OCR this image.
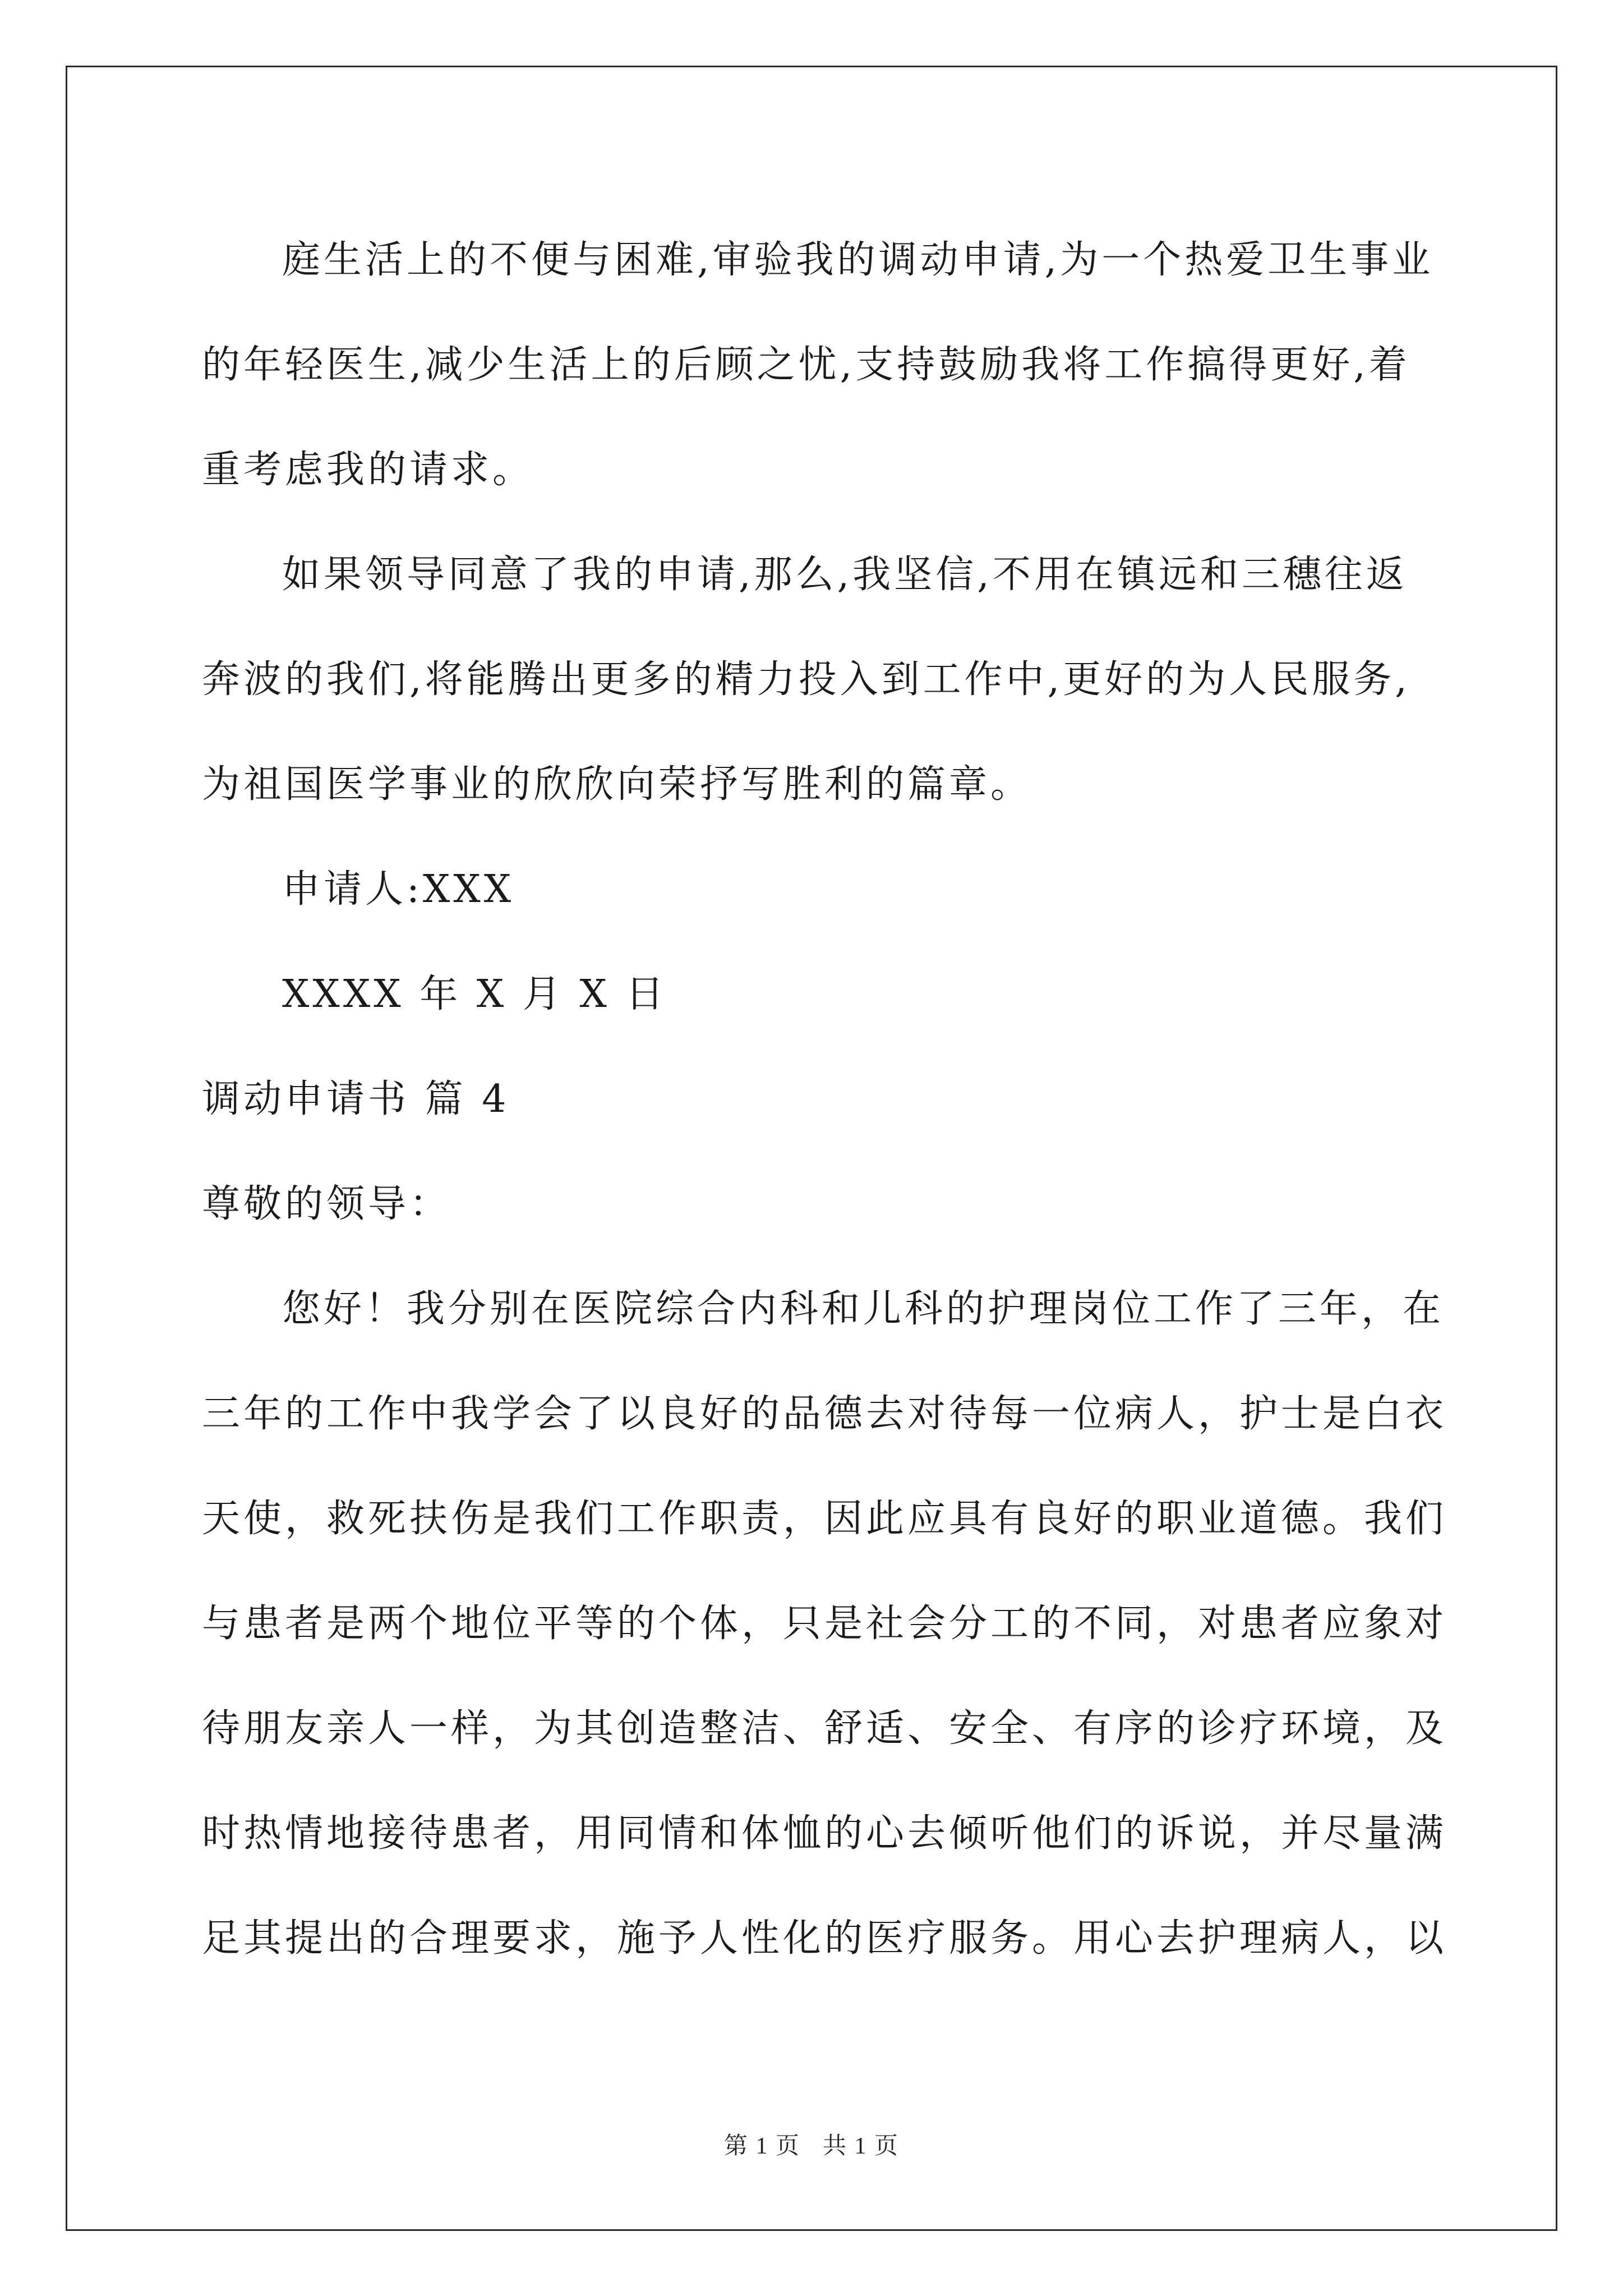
庭生活上的不便与困难,审验我的调动申请,为一个热爱卫生事业
的年轻医生,减少生活上的后顾之忧,支持鼓励我将工作搞得更好,着
重考虑我的请求。
如果领导同意了我的申请,那么,我坚信,不用在镇远和三穗往返
奔波的我们,将能腾出更多的精力投入到工作中,更好的为人民服务,
为祖国医学事业的欣欣向荣抒写胜利的篇章。
申请人:XXX
XXXX 年 X 月 X 日
调动申请书 篇 4
尊敬的领导：
您好！我分别在医院综合内科和儿科的护理岗位工作了三年，在
三年的工作中我学会了以良好的品德去对待每一位病人，护士是白衣
天使，救死扶伤是我们工作职责，因此应具有良好的职业道德。我们
与患者是两个地位平等的个体，只是社会分工的不同，对患者应象对
待朋友亲人一样，为其创造整洁、舒适、安全、有序的诊疗环境，及
时热情地接待患者，用同情和体恤的心去倾听他们的诉说，并尽量满
足其提出的合理要求，施予人性化的医疗服务。用心去护理病人，以
第 1 页 共 1 页
